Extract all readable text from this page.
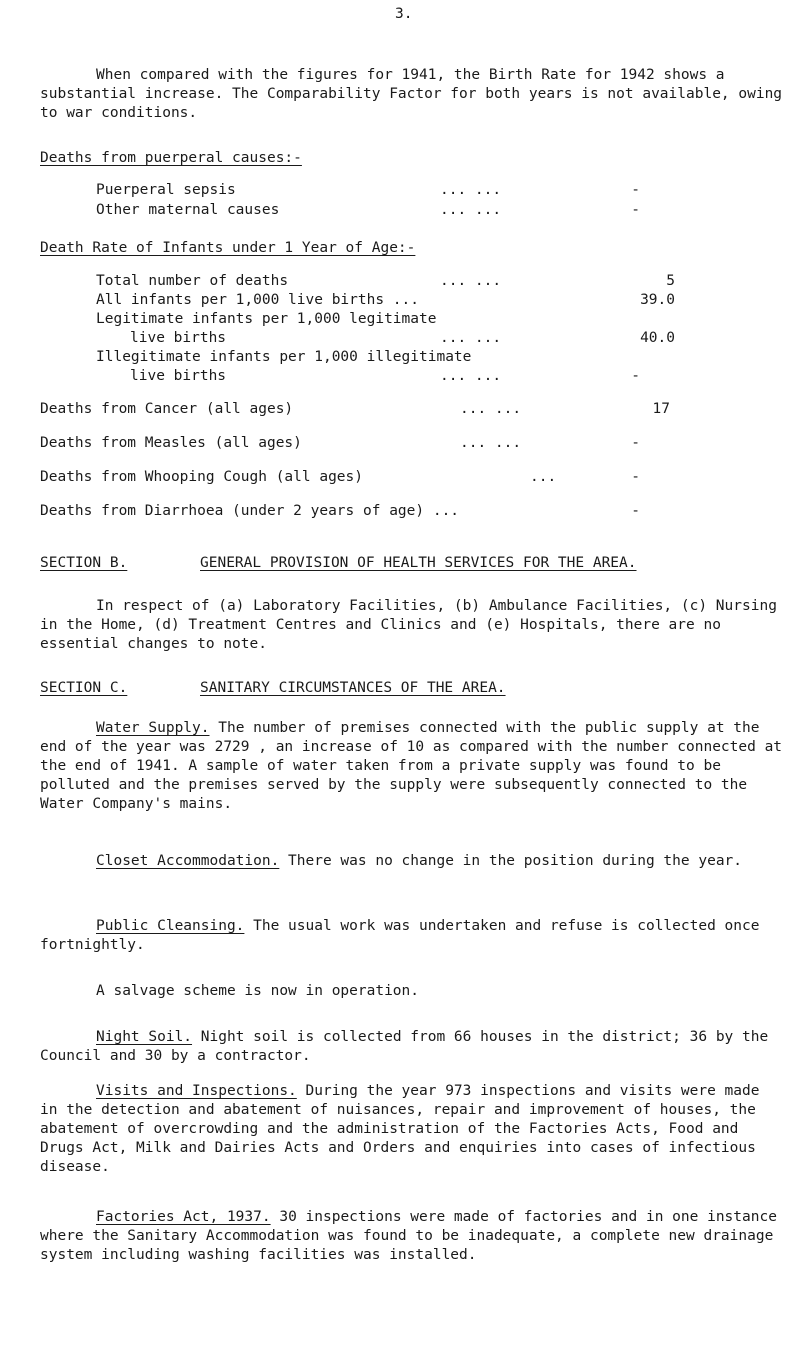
3.

When compared with the figures for 1941, the Birth Rate for 1942 shows a substantial increase. The Comparability Factor for both years is not available, owing to war conditions.

Deaths from puerperal causes:-
Puerperal sepsis	... ...	-
Other maternal causes	... ...	-
Death Rate of Infants under 1 Year of Age:-
Total number of deaths	... ...	5
All infants per 1,000 live births ...	39.0
Legitimate infants per 1,000 legitimate
live births	... ...	40.0
Illegitimate infants per 1,000 illegitimate
live births	... ...	-
Deaths from Cancer (all ages)	... ...	17
Deaths from Measles (all ages)	... ...	-
Deaths from Whooping Cough (all ages)	...	-
Deaths from Diarrhoea (under 2 years of age) ...	-
SECTION B.	GENERAL PROVISION OF HEALTH SERVICES FOR THE AREA.

In respect of (a) Laboratory Facilities, (b) Ambulance Facilities, (c) Nursing in the Home, (d) Treatment Centres and Clinics and (e) Hospitals, there are no essential changes to note.

SECTION C.	SANITARY CIRCUMSTANCES OF THE AREA.

Water Supply. The number of premises connected with the public supply at the end of the year was 2729 , an increase of 10 as compared with the number connected at the end of 1941. A sample of water taken from a private supply was found to be polluted and the premises served by the supply were subsequently connected to the Water Company's mains.

Closet Accommodation. There was no change in the position during the year.

Public Cleansing. The usual work was undertaken and refuse is collected once fortnightly.

A salvage scheme is now in operation.

Night Soil. Night soil is collected from 66 houses in the district; 36 by the Council and 30 by a contractor.

Visits and Inspections. During the year 973 inspections and visits were made in the detection and abatement of nuisances, repair and improvement of houses, the abatement of overcrowding and the administration of the Factories Acts, Food and Drugs Act, Milk and Dairies Acts and Orders and enquiries into cases of infectious disease.

Factories Act, 1937. 30 inspections were made of factories and in one instance where the Sanitary Accommodation was found to be inadequate, a complete new drainage system including washing facilities was installed.
